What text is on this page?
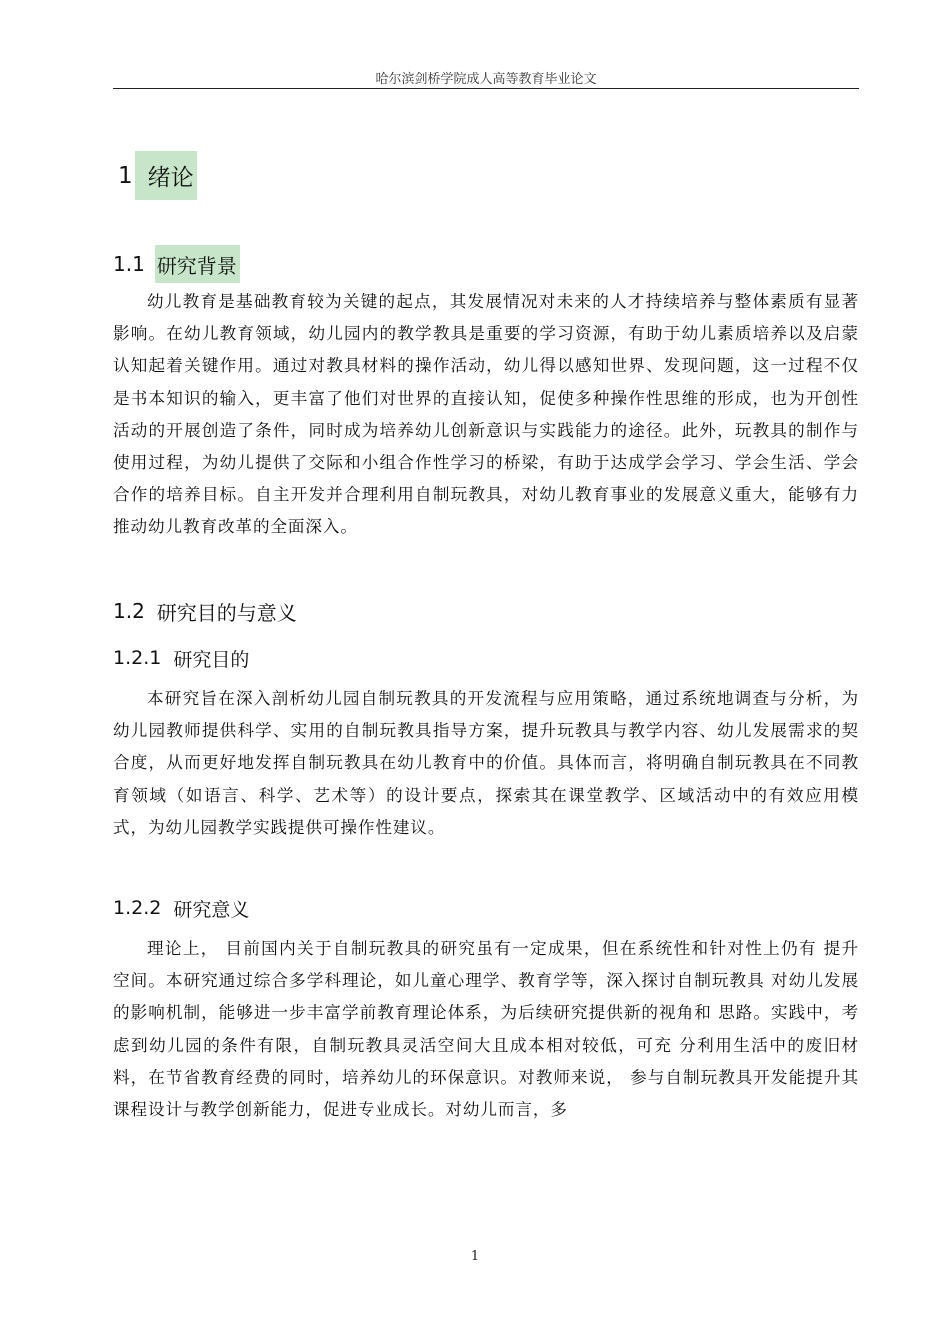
哈尔滨剑桥学院成人高等教育毕业论文
1 绪论
1.1 研究背景

幼儿教育是基础教育较为关键的起点，其发展情况对未来的人才持续培养与整体素质有显著影响。在幼儿教育领域，幼儿园内的教学教具是重要的学习资源，有助于幼儿素质培养以及启蒙认知起着关键作用。通过对教具材料的操作活动，幼儿得以感知世界、发现问题，这一过程不仅是书本知识的输入，更丰富了他们对世界的直接认知，促使多种操作性思维的形成，也为开创性活动的开展创造了条件，同时成为培养幼儿创新意识与实践能力的途径。此外，玩教具的制作与使用过程，为幼儿提供了交际和小组合作性学习的桥梁，有助于达成学会学习、学会生活、学会合作的培养目标。自主开发并合理利用自制玩教具，对幼儿教育事业的发展意义重大，能够有力推动幼儿教育改革的全面深入。

1.2 研究目的与意义
1.2.1 研究目的

本研究旨在深入剖析幼儿园自制玩教具的开发流程与应用策略，通过系统地调查与分析，为幼儿园教师提供科学、实用的自制玩教具指导方案，提升玩教具与教学内容、幼儿发展需求的契合度，从而更好地发挥自制玩教具在幼儿教育中的价值。具体而言，将明确自制玩教具在不同教育领域（如语言、科学、艺术等）的设计要点，探索其在课堂教学、区域活动中的有效应用模式，为幼儿园教学实践提供可操作性建议。

1.2.2 研究意义

理论上， 目前国内关于自制玩教具的研究虽有一定成果，但在系统性和针对性上仍有 提升空间。本研究通过综合多学科理论，如儿童心理学、教育学等，深入探讨自制玩教具 对幼儿发展的影响机制，能够进一步丰富学前教育理论体系，为后续研究提供新的视角和 思路。实践中，考虑到幼儿园的条件有限，自制玩教具灵活空间大且成本相对较低，可充 分利用生活中的废旧材料，在节省教育经费的同时，培养幼儿的环保意识。对教师来说， 参与自制玩教具开发能提升其课程设计与教学创新能力，促进专业成长。对幼儿而言，多

1
